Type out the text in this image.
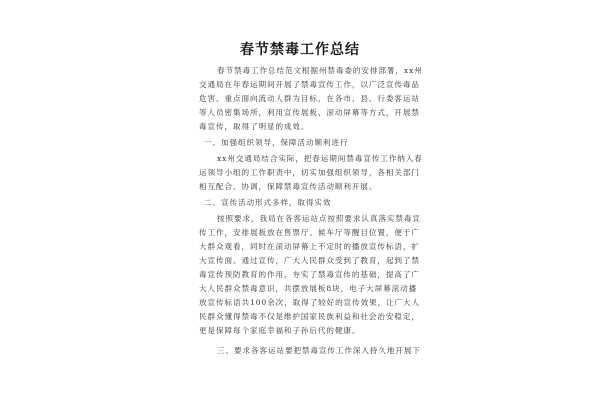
春节禁毒工作总结
春节禁毒工作总结范文根据州禁毒委的安排部署，xx州
交通局在年春运期间开展了禁毒宣传工作，以广泛宣传毒品
危害、重点面向流动人群为目标，在各市、县、行委客运站
等人员密集场所，利用宣传展板、滚动屏幕等方式，开展禁
毒宣传，取得了明显的成效。
一、加强组织领导，保障活动顺利进行
xx州交通局结合实际，把春运期间禁毒宣传工作纳入春
运领导小组的工作职责中，切实加强组织领导，各相关部门
相互配合、协调，保障禁毒宣传活动顺利开展。
二、宣传活动形式多样，取得实效
按照要求，我局在各客运站点按照要求认真落实禁毒宣
传工作，安排展板放在售票厅、候车厅等醒目位置，便于广
大群众观看，同时在滚动屏幕上不定时的播放宣传标语，扩
大宣传面。通过宣传，广大人民群众受到了教育，起到了禁
毒宣传预防教育的作用，夯实了禁毒宣传的基础，提高了广
大人民群众禁毒意识，共摆放展板8块，电子大屏幕滚动播
放宣传标语共100余次，取得了较好的宣传效果，让广大人
民群众懂得禁毒不仅是维护国家民族利益和社会治安稳定，
更是保障每个家庭幸福和子孙后代的健康。
三、要求各客运站要把禁毒宣传工作深入持久地开展下
